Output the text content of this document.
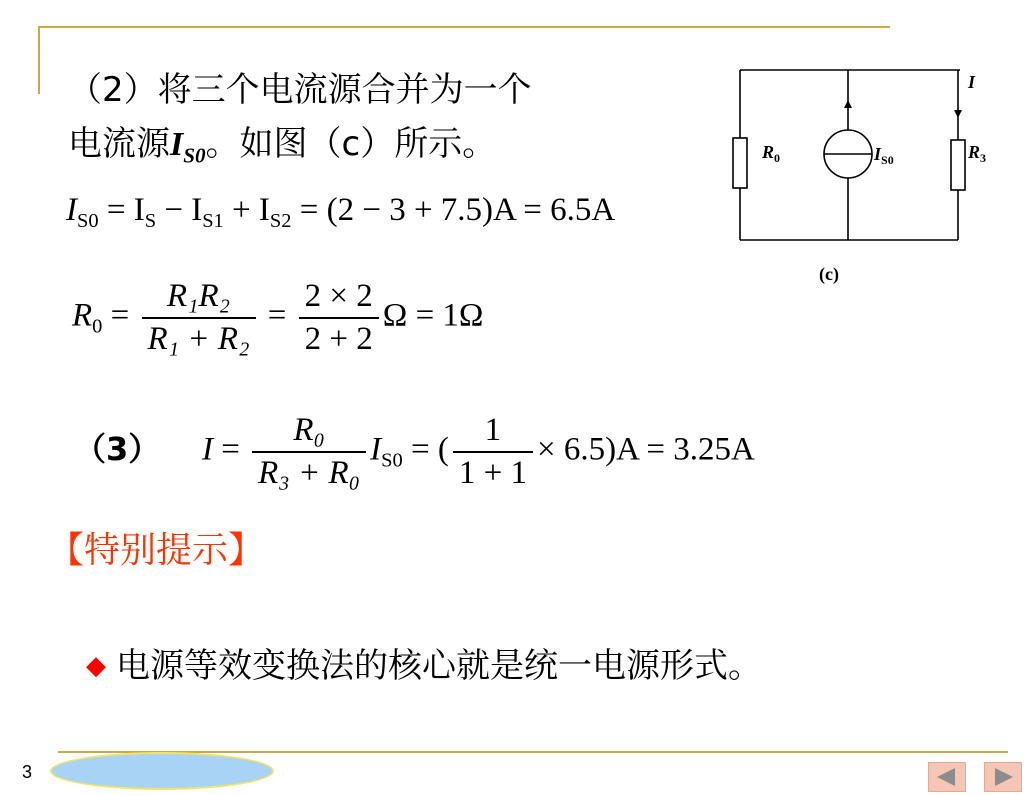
（2）将三个电流源合并为一个
电流源$I_{S0}$。如图（c）所示。
$I_{S0} = I_S - I_{S1} + I_{S2} = (2 - 3 + 7.5)A = 6.5A$
$R_0 = \frac{\text{R₁R₂}}{\text{R₁ + R₂}} = \frac{2 \times 2}{2 + 2}$ Ω = 1Ω
（3） $I = \frac{\text{R₀}}{\text{R₃ + R₀}} I_{S0}$ = ( $\frac{1}{1 + 1} \times 6.5)A = 3.25A$
I
$R_0$	$I_{S0}$	$R_3$
(c)
【特别提示】
◆ 电源等效变换法的核心就是统一电源形式。
3
